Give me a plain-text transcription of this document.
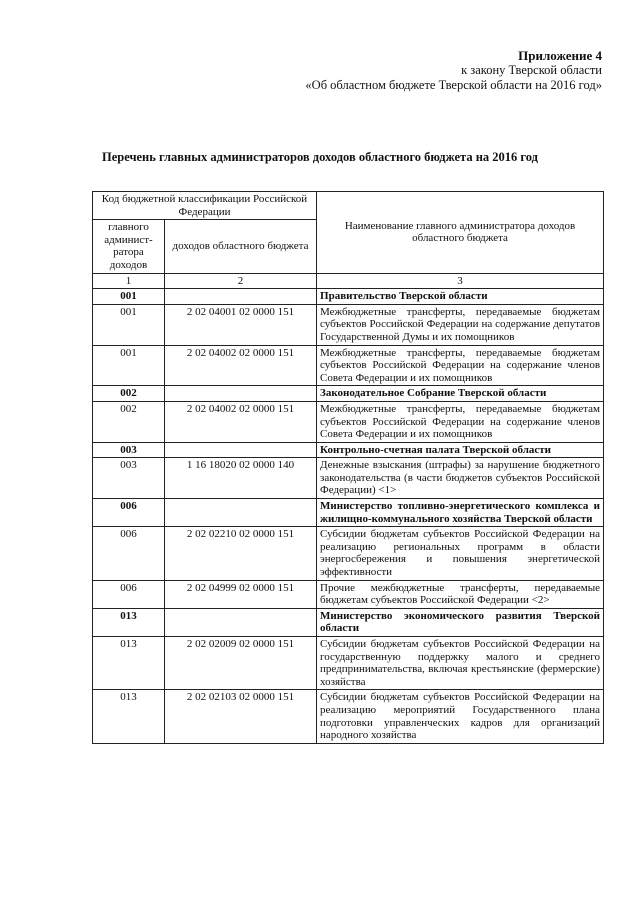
Приложение 4
к закону Тверской области
«Об областном бюджете Тверской области на 2016 год»
Перечень главных администраторов доходов областного бюджета на 2016 год
Код бюджетной классификации Российской Федерации		Наименование главного администратора доходов областного бюджета
главного админист-ратора доходов	доходов областного бюджета	
1	2	3
001		Правительство Тверской области
001	2 02 04001 02 0000 151	Межбюджетные трансферты, передаваемые бюджетам субъектов Российской Федерации на содержание депутатов Государственной Думы и их помощников
001	2 02 04002 02 0000 151	Межбюджетные трансферты, передаваемые бюджетам субъектов Российской Федерации на содержание членов Совета Федерации и их помощников
002		Законодательное Собрание Тверской области
002	2 02 04002 02 0000 151	Межбюджетные трансферты, передаваемые бюджетам субъектов Российской Федерации на содержание членов Совета Федерации и их помощников
003		Контрольно-счетная палата Тверской области
003	1 16 18020 02 0000 140	Денежные взыскания (штрафы) за нарушение бюджетного законодательства (в части бюджетов субъектов Российской Федерации) <1>
006		Министерство топливно-энергетического комплекса и жилищно-коммунального хозяйства Тверской области
006	2 02 02210 02 0000 151	Субсидии бюджетам субъектов Российской Федерации на реализацию региональных программ в области энергосбережения и повышения энергетической эффективности
006	2 02 04999 02 0000 151	Прочие межбюджетные трансферты, передаваемые бюджетам субъектов Российской Федерации <2>
013		Министерство экономического развития Тверской области
013	2 02 02009 02 0000 151	Субсидии бюджетам субъектов Российской Федерации на государственную поддержку малого и среднего предпринимательства, включая крестьянские (фермерские) хозяйства
013	2 02 02103 02 0000 151	Субсидии бюджетам субъектов Российской Федерации на реализацию мероприятий Государственного плана подготовки управленческих кадров для организаций народного хозяйства
